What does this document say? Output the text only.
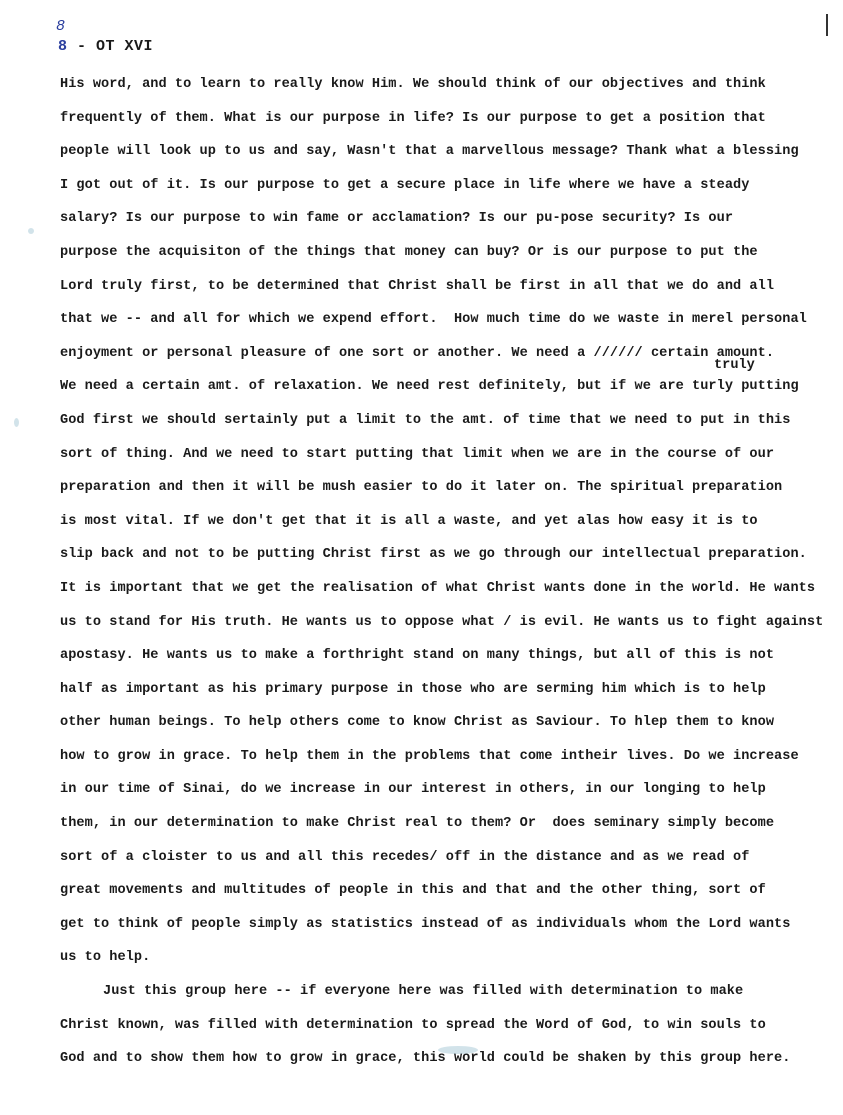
8
8 - OT XVI
truly
His word, and to learn to really know Him. We should think of our objectives and think
frequently of them. What is our purpose in life? Is our purpose to get a position that
people will look up to us and say, Wasn't that a marvellous message? Thank what a blessing
I got out of it. Is our purpose to get a secure place in life where we have a steady
salary? Is our purpose to win fame or acclamation? Is our pu-pose security? Is our
purpose the acquisiton of the things that money can buy? Or is our purpose to put the
Lord truly first, to be determined that Christ shall be first in all that we do and all
that we -- and all for which we expend effort.  How much time do we waste in merel personal
enjoyment or personal pleasure of one sort or another. We need a ////// certain amount.
We need a certain amt. of relaxation. We need rest definitely, but if we are turly putting
God first we should sertainly put a limit to the amt. of time that we need to put in this
sort of thing. And we need to start putting that limit when we are in the course of our
preparation and then it will be mush easier to do it later on. The spiritual preparation
is most vital. If we don't get that it is all a waste, and yet alas how easy it is to
slip back and not to be putting Christ first as we go through our intellectual preparation.
It is important that we get the realisation of what Christ wants done in the world. He wants
us to stand for His truth. He wants us to oppose what / is evil. He wants us to fight against
apostasy. He wants us to make a forthright stand on many things, but all of this is not
half as important as his primary purpose in those who are serming him which is to help
other human beings. To help others come to know Christ as Saviour. To hlep them to know
how to grow in grace. To help them in the problems that come intheir lives. Do we increase
in our time of Sinai, do we increase in our interest in others, in our longing to help
them, in our determination to make Christ real to them? Or  does seminary simply become
sort of a cloister to us and all this recedes/ off in the distance and as we read of
great movements and multitudes of people in this and that and the other thing, sort of
get to think of people simply as statistics instead of as individuals whom the Lord wants
us to help.
Just this group here -- if everyone here was filled with determination to make
Christ known, was filled with determination to spread the Word of God, to win souls to
God and to show them how to grow in grace, this world could be shaken by this group here.
